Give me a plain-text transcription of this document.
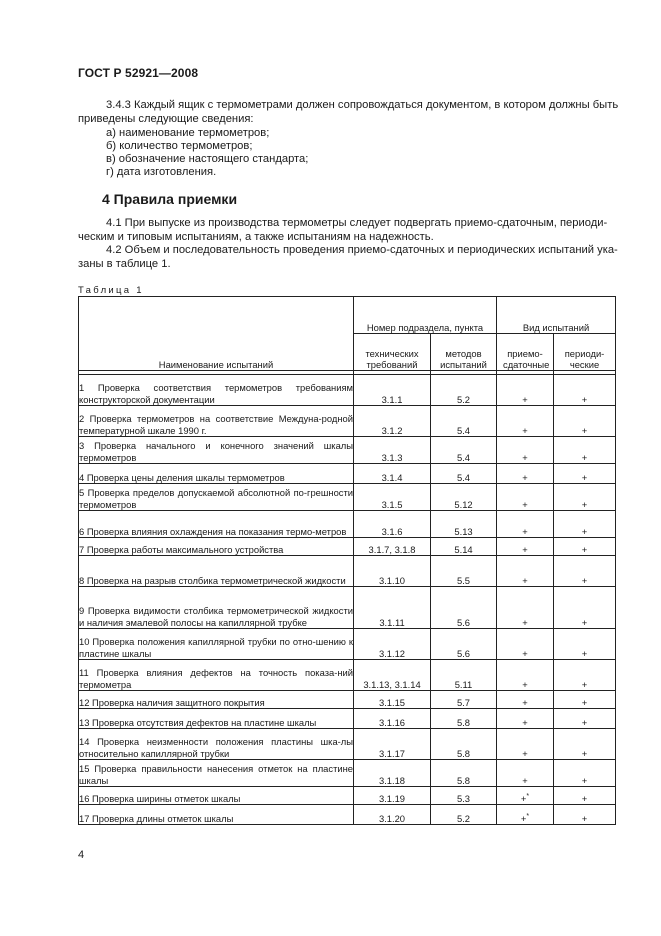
ГОСТ Р 52921—2008
3.4.3 Каждый ящик с термометрами должен сопровождаться документом, в котором должны быть
приведены следующие сведения:
а) наименование термометров;
б) количество термометров;
в) обозначение настоящего стандарта;
г) дата изготовления.
4 Правила приемки
4.1 При выпуске из производства термометры следует подвергать приемо-сдаточным, периоди-
ческим и типовым испытаниям, а также испытаниям на надежность.
4.2 Объем и последовательность проведения приемо-сдаточных и периодических испытаний ука-
заны в таблице 1.
Таблица 1
Наименование испытаний	Номер подраздела, пункта		Вид испытаний	
	технических требований	методов испытаний	приемо-сдаточные	периоди-ческие

1 Проверка соответствия термометров требованиям конструкторской документации	3.1.1	5.2	+	+
2 Проверка термометров на соответствие Междуна-родной температурной шкале 1990 г.	3.1.2	5.4	+	+
3 Проверка начального и конечного значений шкалы термометров	3.1.3	5.4	+	+
4 Проверка цены деления шкалы термометров	3.1.4	5.4	+	+
5 Проверка пределов допускаемой абсолютной по-грешности термометров	3.1.5	5.12	+	+
6 Проверка влияния охлаждения на показания термо-метров	3.1.6	5.13	+	+
7 Проверка работы максимального устройства	3.1.7, 3.1.8	5.14	+	+
8 Проверка на разрыв столбика термометрической жидкости	3.1.10	5.5	+	+
9 Проверка видимости столбика термометрической жидкости и наличия эмалевой полосы на капиллярной трубке	3.1.11	5.6	+	+
10 Проверка положения капиллярной трубки по отно-шению к пластине шкалы	3.1.12	5.6	+	+
11 Проверка влияния дефектов на точность показа-ний термометра	3.1.13, 3.1.14	5.11	+	+
12 Проверка наличия защитного покрытия	3.1.15	5.7	+	+
13 Проверка отсутствия дефектов на пластине шкалы	3.1.16	5.8	+	+
14 Проверка неизменности положения пластины шка-лы относительно капиллярной трубки	3.1.17	5.8	+	+
15 Проверка правильности нанесения отметок на пластине шкалы	3.1.18	5.8	+	+
16 Проверка ширины отметок шкалы	3.1.19	5.3	+*	+
17 Проверка длины отметок шкалы	3.1.20	5.2	+*	+
4
